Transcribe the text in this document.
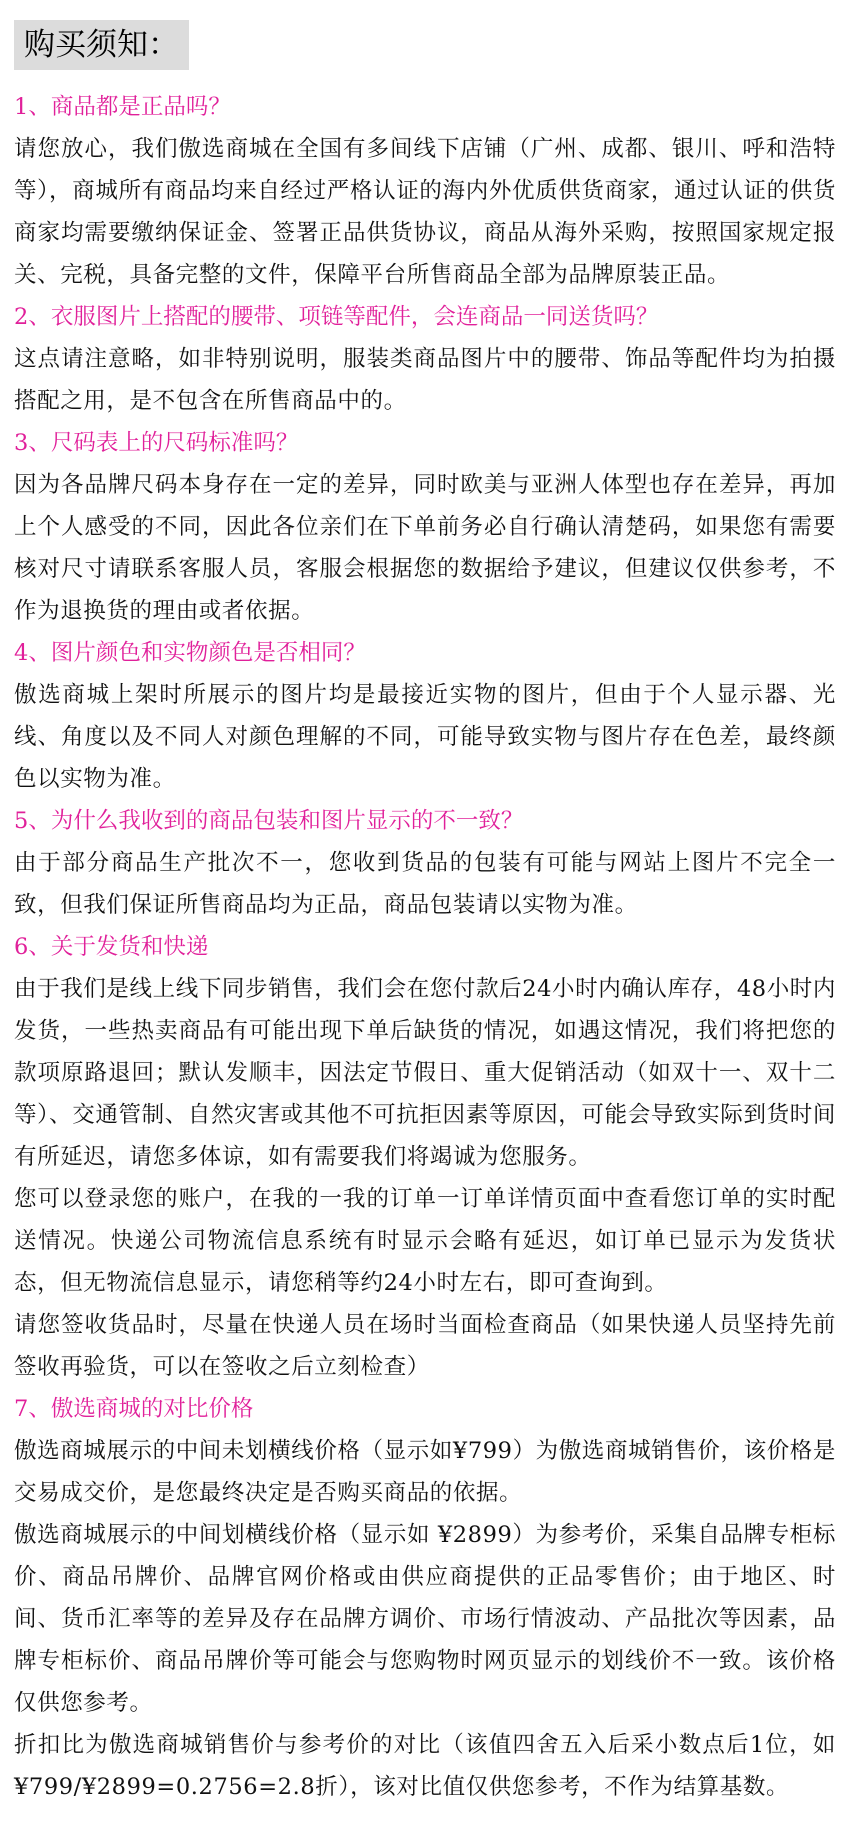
购买须知：
1、商品都是正品吗？
请您放心，我们傲选商城在全国有多间线下店铺（广州、成都、银川、呼和浩特等），商城所有商品均来自经过严格认证的海内外优质供货商家，通过认证的供货商家均需要缴纳保证金、签署正品供货协议，商品从海外采购，按照国家规定报关、完税，具备完整的文件，保障平台所售商品全部为品牌原装正品。
2、衣服图片上搭配的腰带、项链等配件，会连商品一同送货吗？
这点请注意略，如非特别说明，服装类商品图片中的腰带、饰品等配件均为拍摄搭配之用，是不包含在所售商品中的。
3、尺码表上的尺码标准吗？
因为各品牌尺码本身存在一定的差异，同时欧美与亚洲人体型也存在差异，再加上个人感受的不同，因此各位亲们在下单前务必自行确认清楚码，如果您有需要核对尺寸请联系客服人员，客服会根据您的数据给予建议，但建议仅供参考，不作为退换货的理由或者依据。
4、图片颜色和实物颜色是否相同？
傲选商城上架时所展示的图片均是最接近实物的图片，但由于个人显示器、光线、角度以及不同人对颜色理解的不同，可能导致实物与图片存在色差，最终颜色以实物为准。
5、为什么我收到的商品包装和图片显示的不一致？
由于部分商品生产批次不一，您收到货品的包装有可能与网站上图片不完全一致，但我们保证所售商品均为正品，商品包装请以实物为准。
6、关于发货和快递
由于我们是线上线下同步销售，我们会在您付款后24小时内确认库存，48小时内发货，一些热卖商品有可能出现下单后缺货的情况，如遇这情况，我们将把您的款项原路退回；默认发顺丰，因法定节假日、重大促销活动（如双十一、双十二等）、交通管制、自然灾害或其他不可抗拒因素等原因，可能会导致实际到货时间有所延迟，请您多体谅，如有需要我们将竭诚为您服务。
您可以登录您的账户，在我的一我的订单一订单详情页面中查看您订单的实时配送情况。快递公司物流信息系统有时显示会略有延迟，如订单已显示为发货状态，但无物流信息显示，请您稍等约24小时左右，即可查询到。
请您签收货品时，尽量在快递人员在场时当面检查商品（如果快递人员坚持先前签收再验货，可以在签收之后立刻检查）
7、傲选商城的对比价格
傲选商城展示的中间未划横线价格（显示如¥799）为傲选商城销售价，该价格是交易成交价，是您最终决定是否购买商品的依据。
傲选商城展示的中间划横线价格（显示如 ¥2899）为参考价，采集自品牌专柜标价、商品吊牌价、品牌官网价格或由供应商提供的正品零售价；由于地区、时间、货币汇率等的差异及存在品牌方调价、市场行情波动、产品批次等因素，品牌专柜标价、商品吊牌价等可能会与您购物时网页显示的划线价不一致。该价格仅供您参考。
折扣比为傲选商城销售价与参考价的对比（该值四舍五入后采小数点后1位，如¥799/¥2899=0.2756=2.8折），该对比值仅供您参考，不作为结算基数。
